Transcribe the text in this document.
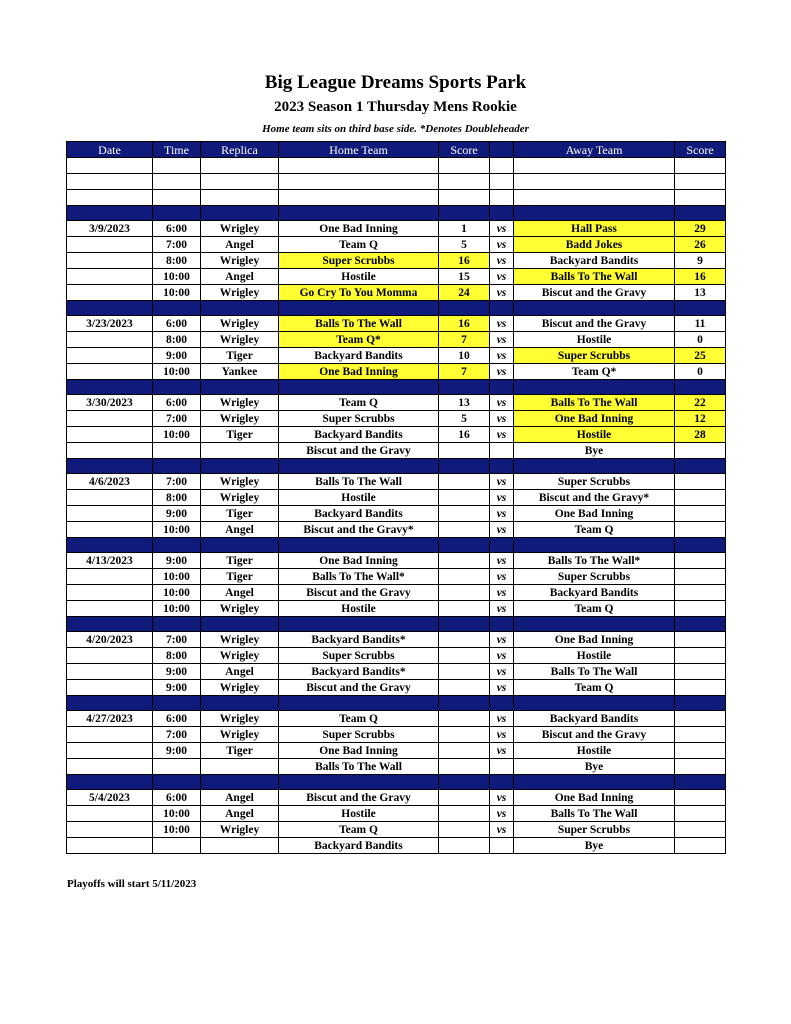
Big League Dreams Sports Park
2023 Season 1 Thursday Mens Rookie
Home team sits on third base side. *Denotes Doubleheader
Date	Time	Replica	Home Team	Score		Away Team	Score

3/9/2023	6:00	Wrigley	One Bad Inning	1	vs	Hall Pass	29
	7:00	Angel	Team Q	5	vs	Badd Jokes	26
	8:00	Wrigley	Super Scrubbs	16	vs	Backyard Bandits	9
	10:00	Angel	Hostile	15	vs	Balls To The Wall	16
	10:00	Wrigley	Go Cry To You Momma	24	vs	Biscut and the Gravy	13

3/23/2023	6:00	Wrigley	Balls To The Wall	16	vs	Biscut and the Gravy	11
	8:00	Wrigley	Team Q*	7	vs	Hostile	0
	9:00	Tiger	Backyard Bandits	10	vs	Super Scrubbs	25
	10:00	Yankee	One Bad Inning	7	vs	Team Q*	0

3/30/2023	6:00	Wrigley	Team Q	13	vs	Balls To The Wall	22
	7:00	Wrigley	Super Scrubbs	5	vs	One Bad Inning	12
	10:00	Tiger	Backyard Bandits	16	vs	Hostile	28
			Biscut and the Gravy			Bye	

4/6/2023	7:00	Wrigley	Balls To The Wall		vs	Super Scrubbs	
	8:00	Wrigley	Hostile		vs	Biscut and the Gravy*	
	9:00	Tiger	Backyard Bandits		vs	One Bad Inning	
	10:00	Angel	Biscut and the Gravy*		vs	Team Q	

4/13/2023	9:00	Tiger	One Bad Inning		vs	Balls To The Wall*	
	10:00	Tiger	Balls To The Wall*		vs	Super Scrubbs	
	10:00	Angel	Biscut and the Gravy		vs	Backyard Bandits	
	10:00	Wrigley	Hostile		vs	Team Q	

4/20/2023	7:00	Wrigley	Backyard Bandits*		vs	One Bad Inning	
	8:00	Wrigley	Super Scrubbs		vs	Hostile	
	9:00	Angel	Backyard Bandits*		vs	Balls To The Wall	
	9:00	Wrigley	Biscut and the Gravy		vs	Team Q	

4/27/2023	6:00	Wrigley	Team Q		vs	Backyard Bandits	
	7:00	Wrigley	Super Scrubbs		vs	Biscut and the Gravy	
	9:00	Tiger	One Bad Inning		vs	Hostile	
			Balls To The Wall			Bye	

5/4/2023	6:00	Angel	Biscut and the Gravy		vs	One Bad Inning	
	10:00	Angel	Hostile		vs	Balls To The Wall	
	10:00	Wrigley	Team Q		vs	Super Scrubbs	
			Backyard Bandits			Bye	
Playoffs will start 5/11/2023
